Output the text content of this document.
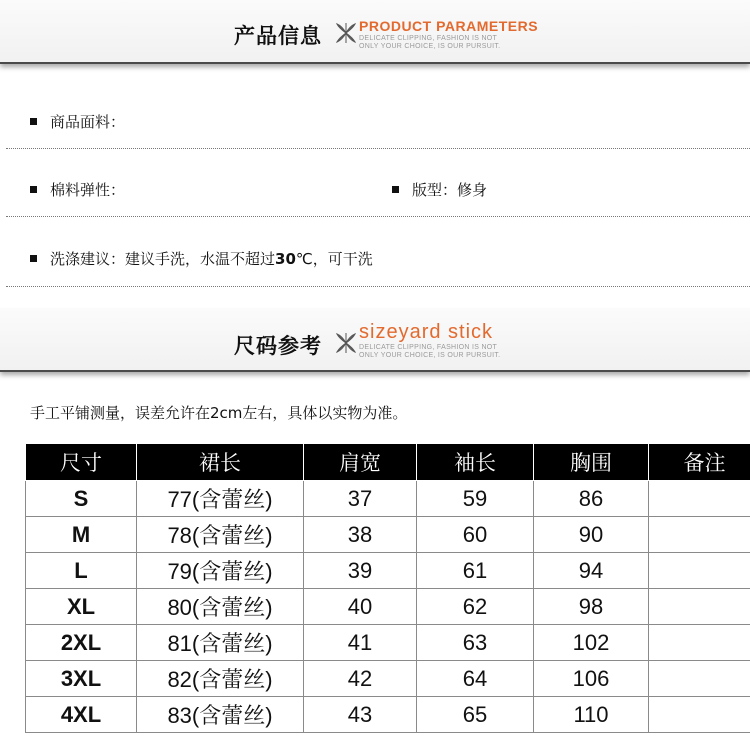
产品信息	PRODUCT PARAMETERS
DELICATE CLIPPING, FASHION IS NOT
ONLY YOUR CHOICE, IS OUR PURSUIT.
商品面料：
棉料弹性：	版型：修身
洗涤建议：建议手洗，水温不超过30℃，可干洗
尺码参考
sizeyard stick
DELICATE CLIPPING, FASHION IS NOT
ONLY YOUR CHOICE, IS OUR PURSUIT.
手工平铺测量，误差允许在2cm左右，具体以实物为准。
尺寸	裙长	肩宽	袖长	胸围	备注
S	77(含蕾丝)	37	59	86	
M	78(含蕾丝)	38	60	90	
L	79(含蕾丝)	39	61	94	
XL	80(含蕾丝)	40	62	98	
2XL	81(含蕾丝)	41	63	102	
3XL	82(含蕾丝)	42	64	106	
4XL	83(含蕾丝)	43	65	110	
